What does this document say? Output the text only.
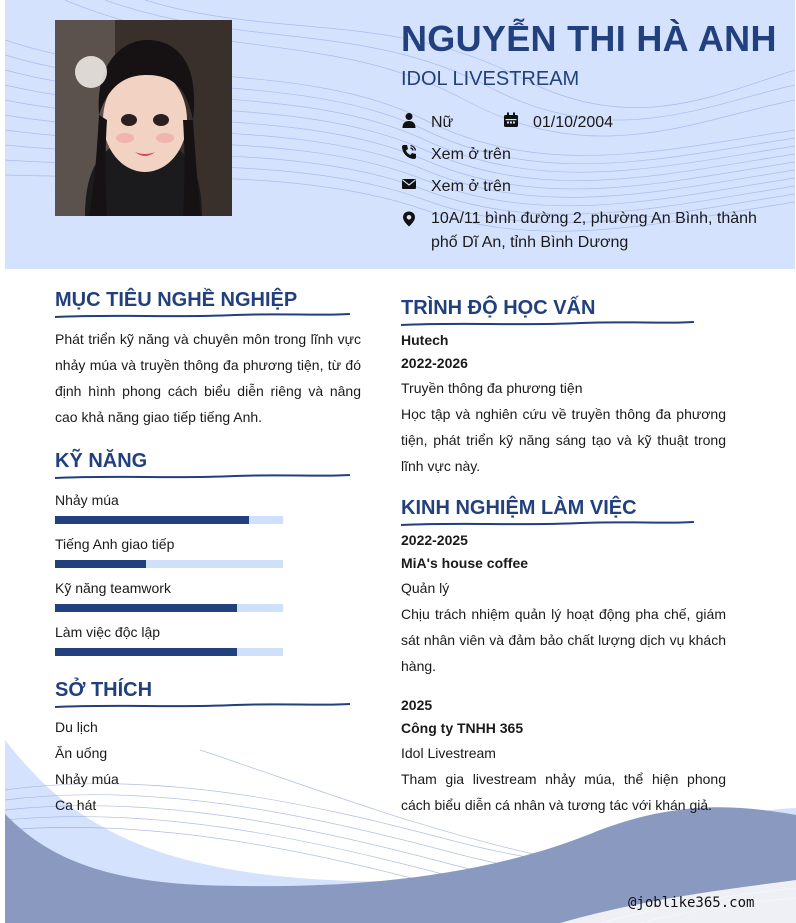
NGUYỄN THI HÀ ANH
IDOL LIVESTREAM
Nữ	01/10/2004
Xem ở trên
Xem ở trên
10A/11 bình đường 2, phường An Bình, thành phố Dĩ An, tỉnh Bình Dương
MỤC TIÊU NGHỀ NGHIỆP
Phát triển kỹ năng và chuyên môn trong lĩnh vực nhảy múa và truyền thông đa phương tiện, từ đó định hình phong cách biểu diễn riêng và nâng cao khả năng giao tiếp tiếng Anh.
KỸ NĂNG
Nhảy múa
Tiếng Anh giao tiếp
Kỹ năng teamwork
Làm việc độc lập
SỞ THÍCH
Du lịch
Ăn uống
Nhảy múa
Ca hát
TRÌNH ĐỘ HỌC VẤN
Hutech
2022-2026
Truyền thông đa phương tiện
Học tập và nghiên cứu về truyền thông đa phương tiện, phát triển kỹ năng sáng tạo và kỹ thuật trong lĩnh vực này.
KINH NGHIỆM LÀM VIỆC
2022-2025
MiA's house coffee
Quản lý
Chịu trách nhiệm quản lý hoạt động pha chế, giám sát nhân viên và đảm bảo chất lượng dịch vụ khách hàng.
2025
Công ty TNHH 365
Idol Livestream
Tham gia livestream nhảy múa, thể hiện phong cách biểu diễn cá nhân và tương tác với khán giả.
@joblike365.com
